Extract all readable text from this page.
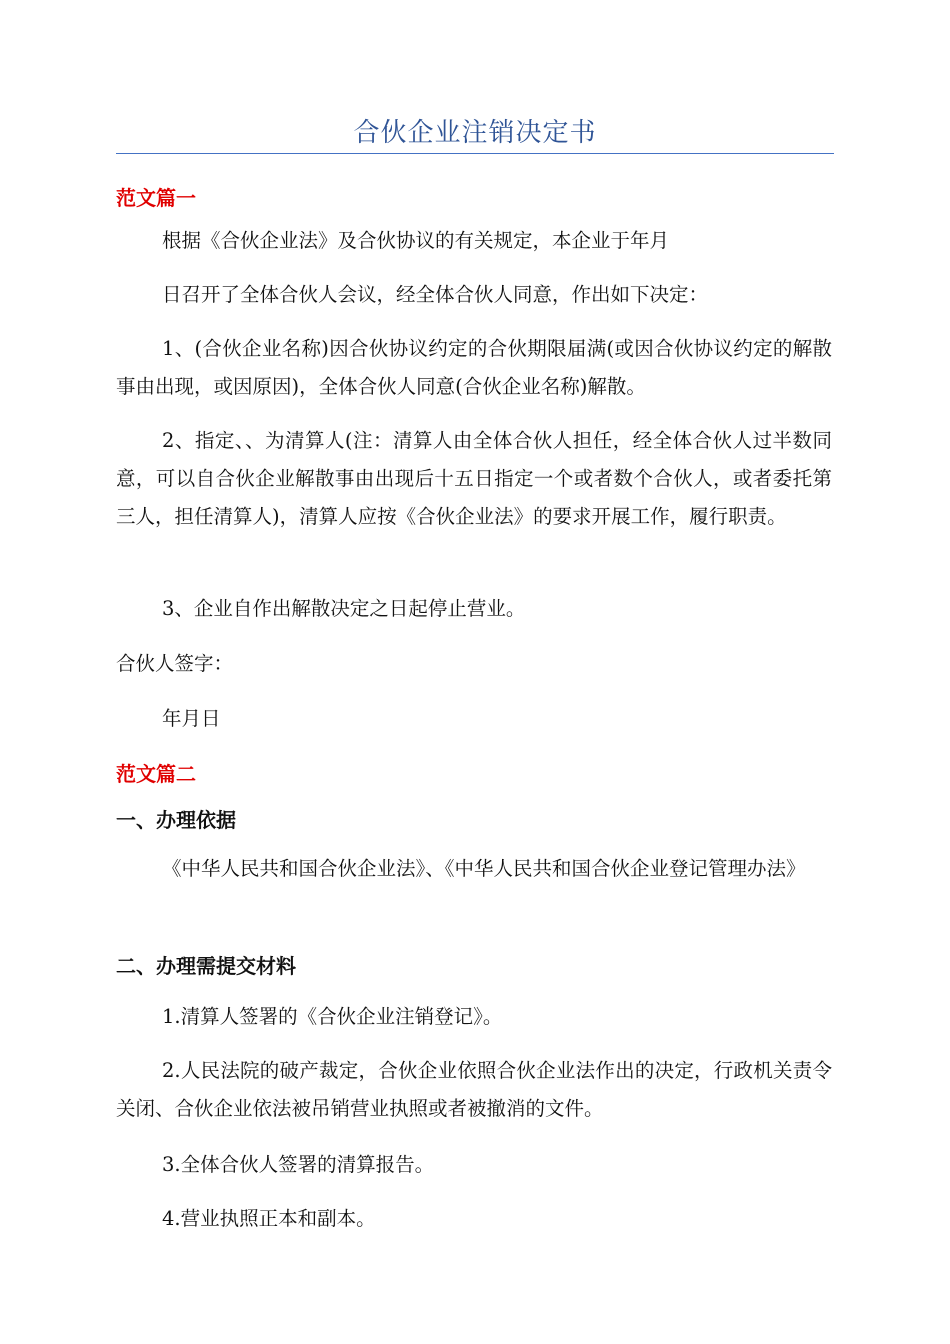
合伙企业注销决定书
范文篇一
根据《合伙企业法》及合伙协议的有关规定，本企业于年月
日召开了全体合伙人会议，经全体合伙人同意，作出如下决定：

1、(合伙企业名称)因合伙协议约定的合伙期限届满(或因合伙协议约定的解散事由出现，或因原因)，全体合伙人同意(合伙企业名称)解散。

2、指定、、为清算人(注：清算人由全体合伙人担任，经全体合伙人过半数同意，可以自合伙企业解散事由出现后十五日指定一个或者数个合伙人，或者委托第三人，担任清算人)，清算人应按《合伙企业法》的要求开展工作，履行职责。

3、企业自作出解散决定之日起停止营业。
合伙人签字：
年月日
范文篇二
一、办理依据

《中华人民共和国合伙企业法》、《中华人民共和国合伙企业登记管理办法》

二、办理需提交材料
1.清算人签署的《合伙企业注销登记》。

2.人民法院的破产裁定，合伙企业依照合伙企业法作出的决定，行政机关责令关闭、合伙企业依法被吊销营业执照或者被撤消的文件。

3.全体合伙人签署的清算报告。
4.营业执照正本和副本。
